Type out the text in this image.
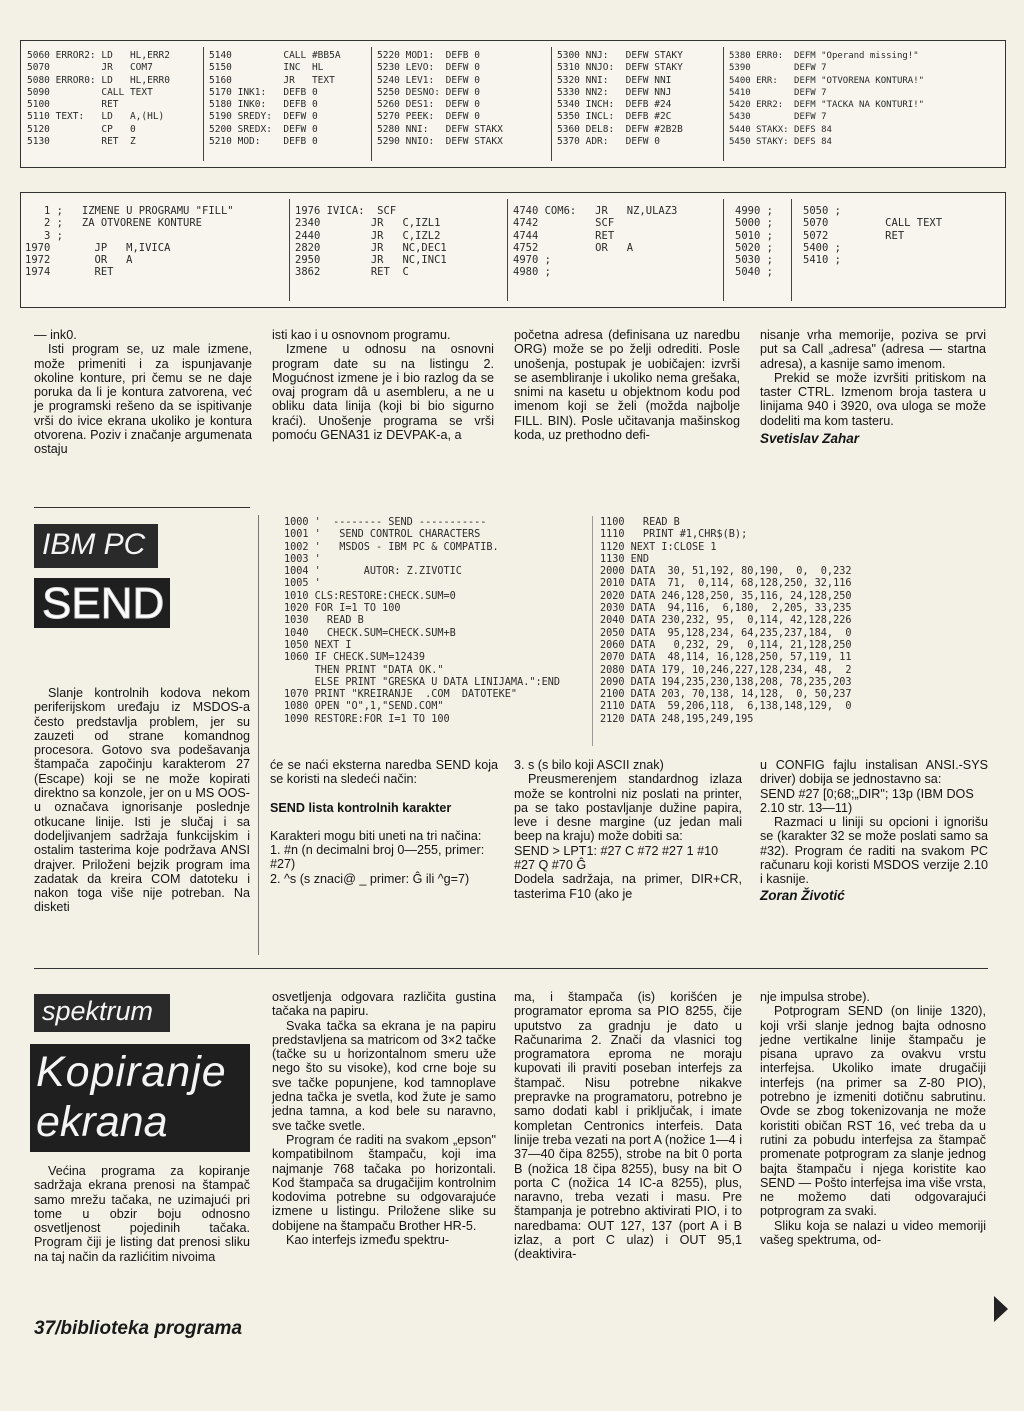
5060 ERROR2: LD   HL,ERR2
5070         JR   COM7
5080 ERROR0: LD   HL,ERR0
5090         CALL TEXT
5100         RET
5110 TEXT:   LD   A,(HL)
5120         CP   0
5130         RET  Z
5140         CALL #BB5A
5150         INC  HL
5160         JR   TEXT
5170 INK1:   DEFB 0
5180 INK0:   DEFB 0
5190 SREDY:  DEFW 0
5200 SREDX:  DEFW 0
5210 MOD:    DEFB 0
5220 MOD1:  DEFB 0
5230 LEVO:  DEFW 0
5240 LEV1:  DEFW 0
5250 DESNO: DEFW 0
5260 DES1:  DEFW 0
5270 PEEK:  DEFW 0
5280 NNI:   DEFW STAKX
5290 NNIO:  DEFW STAKX
5300 NNJ:   DEFW STAKY
5310 NNJO:  DEFW STAKY
5320 NNI:   DEFW NNI
5330 NN2:   DEFW NNJ
5340 INCH:  DEFB #24
5350 INCL:  DEFB #2C
5360 DEL8:  DEFW #2B2B
5370 ADR:   DEFW 0
5380 ERR0:  DEFM "Operand missing!"
5390        DEFW 7
5400 ERR:   DEFM "OTVORENA KONTURA!"
5410        DEFW 7
5420 ERR2:  DEFM "TACKA NA KONTURI!"
5430        DEFW 7
5440 STAKX: DEFS 84
5450 STAKY: DEFS 84
1 ;   IZMENE U PROGRAMU "FILL"
2 ;   ZA OTVORENE KONTURE
3 ;
1970       JP   M,IVICA
1972       OR   A
1974       RET
1976 IVICA:  SCF
2340        JR   C,IZL1
2440        JR   C,IZL2
2820        JR   NC,DEC1
2950        JR   NC,INC1
3862        RET  C
4740 COM6:   JR   NZ,ULAZ3
4742         SCF
4744         RET
4752         OR   A
4970 ;
4980 ;
4990 ;
5000 ;
5010 ;
5020 ;
5030 ;
5040 ;
5050 ;
5070         CALL TEXT
5072         RET
5400 ;
5410 ;

— ink0.

Isti program se, uz male izmene, može primeniti i za ispunjavanje okoline konture, pri čemu se ne daje poruka da li je kontura zatvorena, već je programski rešeno da se ispitivanje vrši do ivice ekrana ukoliko je kontura otvorena. Poziv i značanje argumenata ostaju

isti kao i u osnovnom programu.

Izmene u odnosu na osnovni program date su na listingu 2. Mogućnost izmene je i bio razlog da se ovaj program dâ u asembleru, a ne u obliku data linija (koji bi bio sigurno kraći). Unošenje programa se vrši pomoću GENA31 iz DEVPAK-a, a

početna adresa (definisana uz naredbu ORG) može se po želji odrediti. Posle unošenja, postupak je uobičajen: izvrši se asembliranje i ukoliko nema grešaka, snimi na kasetu u objektnom kodu pod imenom koji se želi (možda najbolje FILL. BIN). Posle učitavanja mašinskog koda, uz prethodno defi-

nisanje vrha memorije, poziva se prvi put sa Call „adresa" (adresa — startna adresa), a kasnije samo imenom.

Prekid se može izvršiti pritiskom na taster CTRL. Izmenom broja tastera u linijama 940 i 3920, ova uloga se može dodeliti ma kom tasteru.

Svetislav Zahar

IBM PC
SEND

Slanje kontrolnih kodova nekom periferijskom uređaju iz MSDOS-a često predstavlja problem, jer su zauzeti od strane komandnog procesora. Gotovo sva podešavanja štampača započinju karakterom 27 (Escape) koji se ne može kopirati direktno sa konzole, jer on u MS OOS-u označava ignorisanje poslednje otkucane linije. Isti je slučaj i sa dodeljivanjem sadržaja funkcijskim i ostalim tasterima koje podržava ANSI drajver. Priloženi bejzik program ima zadatak da kreira COM datoteku i nakon toga više nije potreban. Na disketi

1000 '  -------- SEND -----------
1001 '   SEND CONTROL CHARACTERS
1002 '   MSDOS - IBM PC & COMPATIB.
1003 '
1004 '       AUTOR: Z.ZIVOTIC
1005 '
1010 CLS:RESTORE:CHECK.SUM=0
1020 FOR I=1 TO 100
1030   READ B
1040   CHECK.SUM=CHECK.SUM+B
1050 NEXT I
1060 IF CHECK.SUM=12439
THEN PRINT "DATA OK."
ELSE PRINT "GRESKA U DATA LINIJAMA.":END
1070 PRINT "KREIRANJE  .COM  DATOTEKE"
1080 OPEN "O",1,"SEND.COM"
1090 RESTORE:FOR I=1 TO 100
1100   READ B
1110   PRINT #1,CHR$(B);
1120 NEXT I:CLOSE 1
1130 END
2000 DATA  30, 51,192, 80,190,  0,  0,232
2010 DATA  71,  0,114, 68,128,250, 32,116
2020 DATA 246,128,250, 35,116, 24,128,250
2030 DATA  94,116,  6,180,  2,205, 33,235
2040 DATA 230,232, 95,  0,114, 42,128,226
2050 DATA  95,128,234, 64,235,237,184,  0
2060 DATA   0,232, 29,  0,114, 21,128,250
2070 DATA  48,114, 16,128,250, 57,119, 11
2080 DATA 179, 10,246,227,128,234, 48,  2
2090 DATA 194,235,230,138,208, 78,235,203
2100 DATA 203, 70,138, 14,128,  0, 50,237
2110 DATA  59,206,118,  6,138,148,129,  0
2120 DATA 248,195,249,195

će se naći eksterna naredba SEND koja se koristi na sledeći način:

SEND lista kontrolnih karakter

Karakteri mogu biti uneti na tri načina:

1. #n (n decimalni broj 0—255, primer: #27)

2. ^s (s znaci@ _ primer: Ĝ ili ^g=7)

3. s (s bilo koji ASCII znak)

Preusmerenjem standardnog izlaza može se kontrolni niz poslati na printer, pa se tako postavljanje dužine papira, leve i desne margine (uz jedan mali beep na kraju) može dobiti sa:

SEND > LPT1: #27 C #72 #27 1 #10 #27 Q #70 Ĝ

Dodela sadržaja, na primer, DIR+CR, tasterima F10 (ako je

u CONFIG fajlu instalisan ANSI.-SYS driver) dobija se jednostavno sa:

SEND #27 [0;68;„DIR"; 13p (IBM DOS 2.10 str. 13—11)

Razmaci u liniji su opcioni i ignorišu se (karakter 32 se može poslati samo sa #32). Program će raditi na svakom PC računaru koji koristi MSDOS verzije 2.10 i kasnije.

Zoran Životić

spektrum
Kopiranje
ekrana

Većina programa za kopiranje sadržaja ekrana prenosi na štampač samo mrežu tačaka, ne uzimajući pri tome u obzir boju odnosno osvetljenost pojedinih tačaka. Program čiji je listing dat prenosi sliku na taj način da razlićitim nivoima

osvetljenja odgovara različita gustina tačaka na papiru.

Svaka tačka sa ekrana je na papiru predstavljena sa matricom od 3×2 tačke (tačke su u horizontalnom smeru uže nego što su visoke), kod crne boje su sve tačke popunjene, kod tamnoplave jedna tačka je svetla, kod žute je samo jedna tamna, a kod bele su naravno, sve tačke svetle.

Program će raditi na svakom „epson" kompatibilnom štampaču, koji ima najmanje 768 tačaka po horizontali. Kod štampača sa drugačijim kontrolnim kodovima potrebne su odgovarajuće izmene u listingu. Priložene slike su dobijene na štampaču Brother HR-5.

Kao interfejs između spektru-

ma, i štampača (is) korišćen je programator eproma sa PIO 8255, čije uputstvo za gradnju je dato u Računarima 2. Znači da vlasnici tog programatora eproma ne moraju kupovati ili praviti poseban interfejs za štampač. Nisu potrebne nikakve prepravke na programatoru, potrebno je samo dodati kabl i priključak, i imate kompletan Centronics interfeis. Data linije treba vezati na port A (nožice 1—4 i 37—40 čipa 8255), strobe na bit 0 porta B (nožica 18 čipa 8255), busy na bit O porta C (nožica 14 IC-a 8255), plus, naravno, treba vezati i masu. Pre štampanja je potrebno aktivirati PIO, i to naredbama: OUT 127, 137 (port A i B izlaz, a port C ulaz) i OUT 95,1 (deaktivira-

nje impulsa strobe).

Potprogram SEND (on linije 1320), koji vrši slanje jednog bajta odnosno jedne vertikalne linije štampaču je pisana upravo za ovakvu vrstu interfejsa. Ukoliko imate drugačiji interfejs (na primer sa Z-80 PIO), potrebno je izmeniti dotičnu sabrutinu. Ovde se zbog tokenizovanja ne može koristiti običan RST 16, već treba da u rutini za pobudu interfejsa za štampač promenate potprogram za slanje jednog bajta štampaču i njega koristite kao SEND — Pošto interfejsa ima više vrsta, ne možemo dati odgovarajući potprogram za svaki.

Sliku koja se nalazi u video memoriji vašeg spektruma, od-

37/biblioteka programa
